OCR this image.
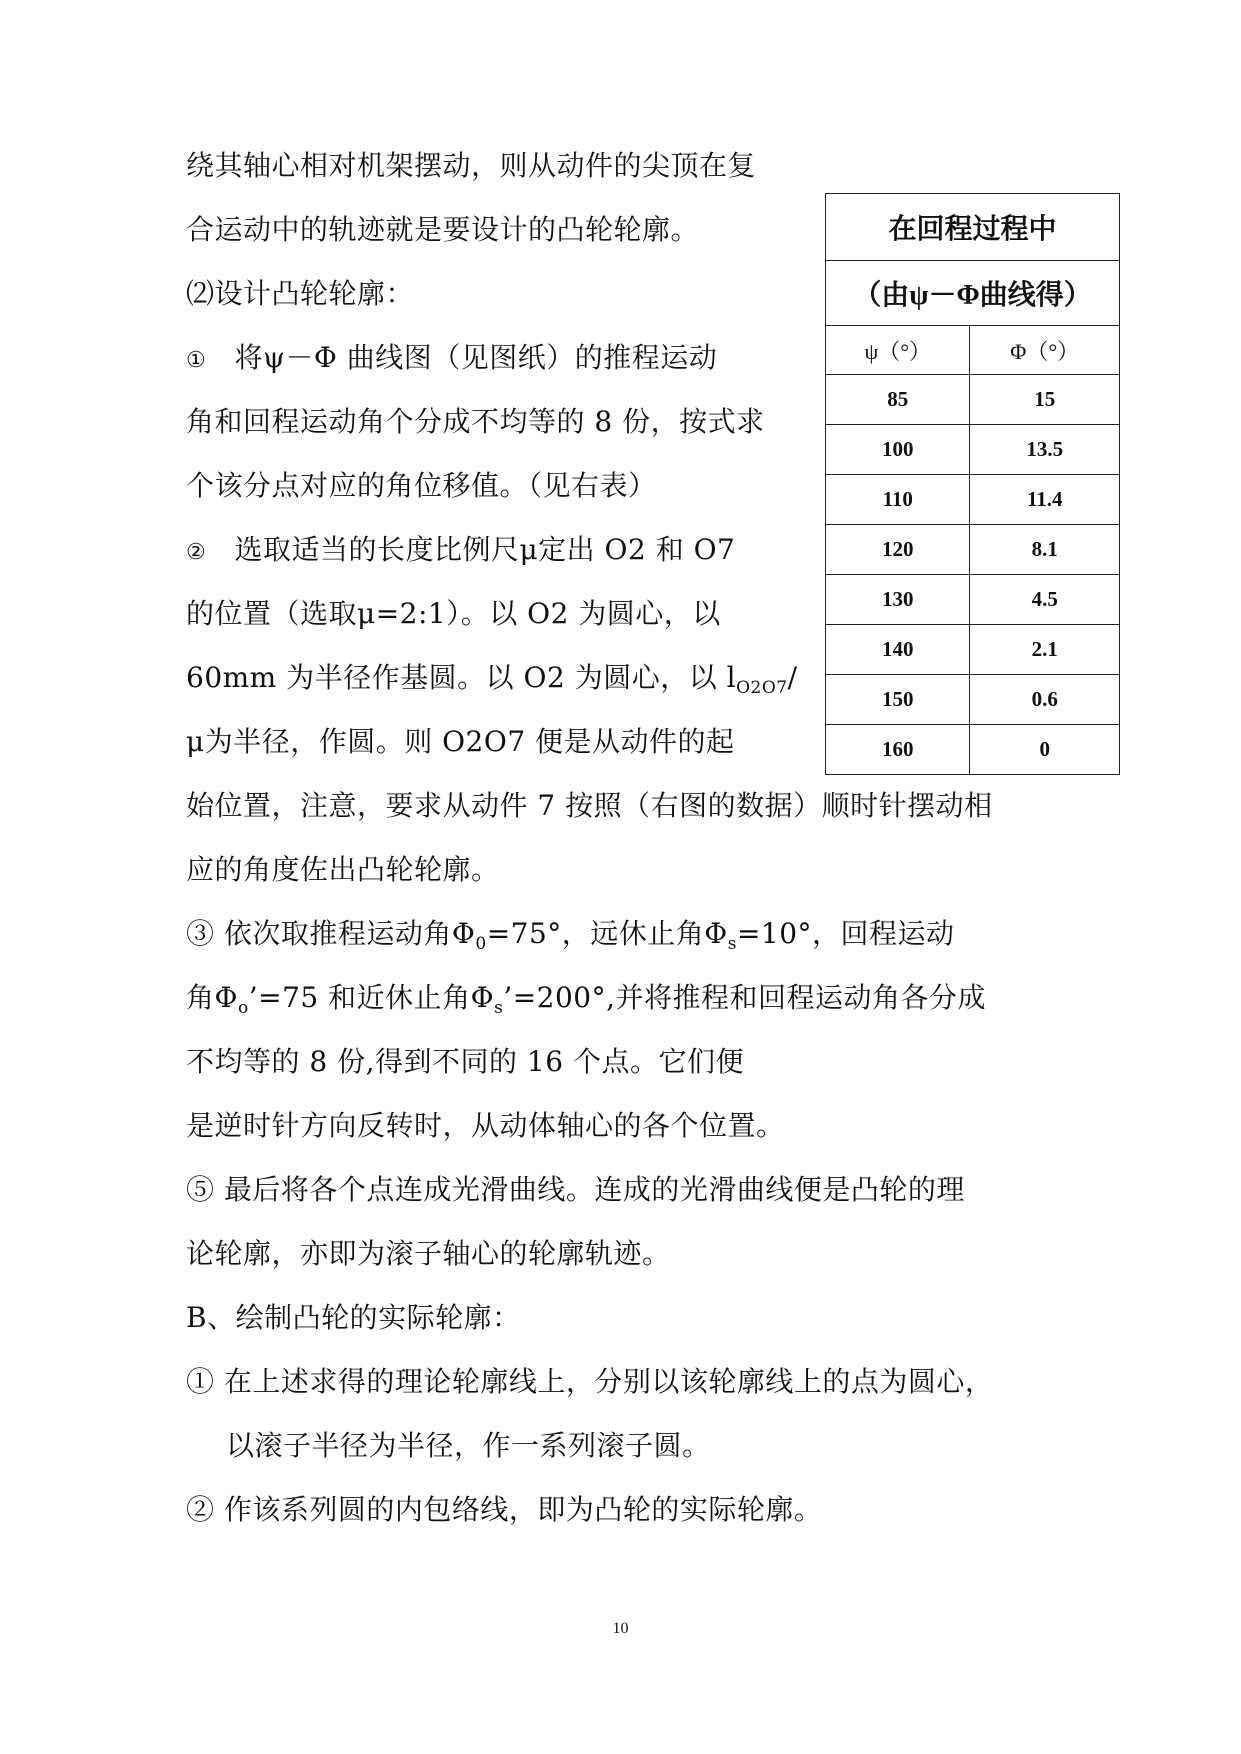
绕其轴心相对机架摆动，则从动件的尖顶在复
合运动中的轨迹就是要设计的凸轮轮廓。
⑵设计凸轮轮廓：
① 将ψ－Φ 曲线图（见图纸）的推程运动
角和回程运动角个分成不均等的 8 份，按式求
个该分点对应的角位移值。（见右表）
② 选取适当的长度比例尺μ定出 O2 和 O7
的位置（选取μ=2:1）。以 O2 为圆心，以
60mm 为半径作基圆。以 O2 为圆心，以 $l_{O2O7}/$
μ为半径，作圆。则 O2O7 便是从动件的起
始位置，注意，要求从动件 7 按照（右图的数据）顺时针摆动相
应的角度佐出凸轮轮廓。
③ 依次取推程运动角$\Phi_0=75^\circ$，远休止角$\Phi_s=10^\circ$，回程运动
角$\Phi_o’=75$ 和近休止角$\Phi_s’=200^\circ$,并将推程和回程运动角各分成
不均等的 8 份,得到不同的 16 个点。它们便
是逆时针方向反转时，从动体轴心的各个位置。
⑤ 最后将各个点连成光滑曲线。连成的光滑曲线便是凸轮的理
论轮廓，亦即为滚子轴心的轮廓轨迹。
B、绘制凸轮的实际轮廓：
① 在上述求得的理论轮廓线上，分别以该轮廓线上的点为圆心，
以滚子半径为半径，作一系列滚子圆。
② 作该系列圆的内包络线，即为凸轮的实际轮廓。
在回程过程中	
（由ψ－Φ曲线得）	
ψ（°）	Φ（°）
85	15
100	13.5
110	11.4
120	8.1
130	4.5
140	2.1
150	0.6
160	0
10
